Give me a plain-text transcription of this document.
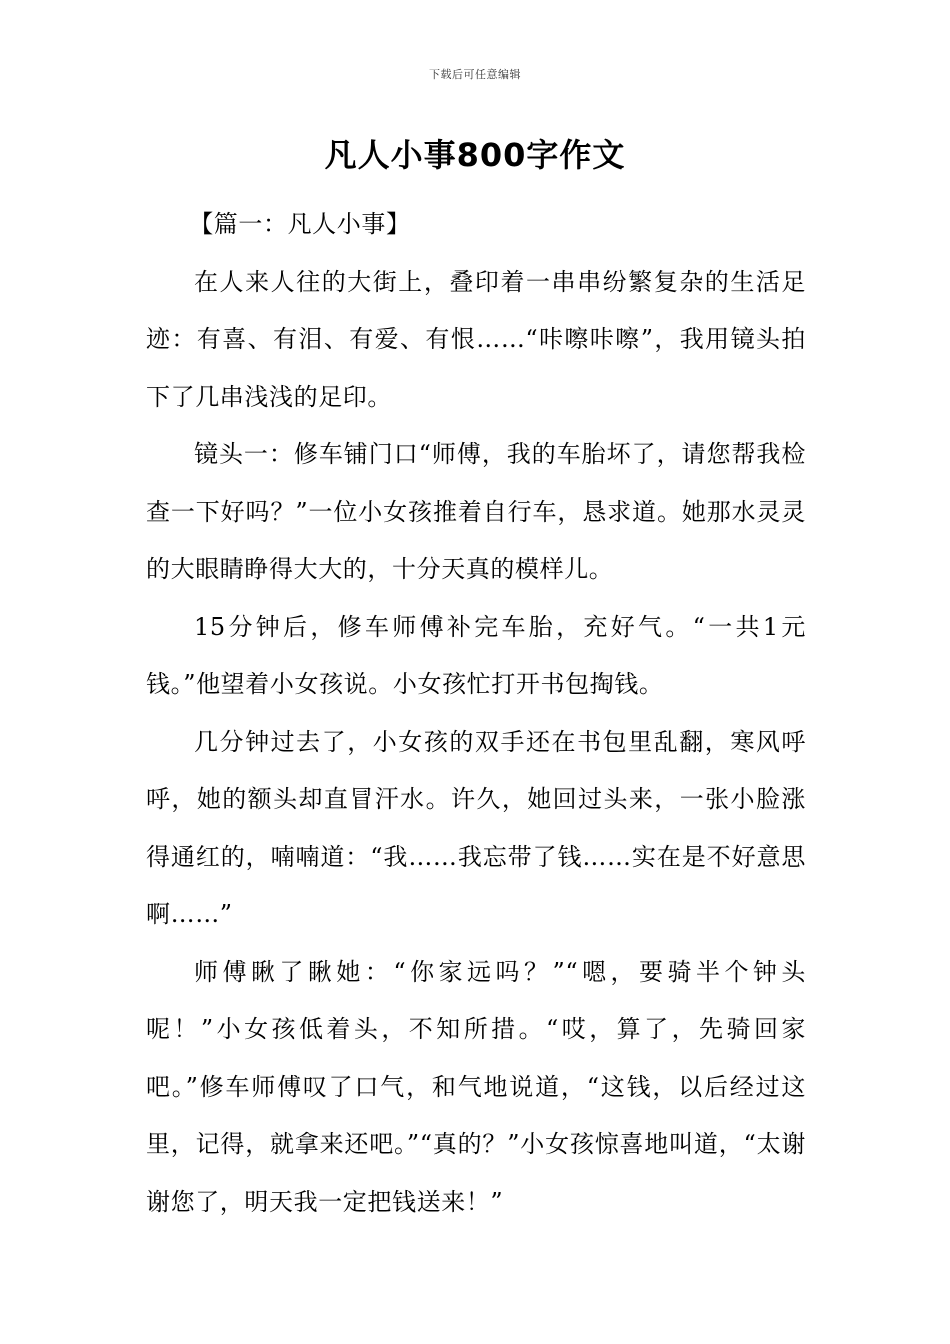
下载后可任意编辑
凡人小事800字作文

【篇一：凡人小事】

在人来人往的大街上，叠印着一串串纷繁复杂的生活足迹：有喜、有泪、有爱、有恨……“咔嚓咔嚓”，我用镜头拍下了几串浅浅的足印。

镜头一：修车铺门口“师傅，我的车胎坏了，请您帮我检查一下好吗？”一位小女孩推着自行车，恳求道。她那水灵灵的大眼睛睁得大大的，十分天真的模样儿。

15分钟后，修车师傅补完车胎，充好气。“一共1元钱。”他望着小女孩说。小女孩忙打开书包掏钱。

几分钟过去了，小女孩的双手还在书包里乱翻，寒风呼呼，她的额头却直冒汗水。许久，她回过头来，一张小脸涨得通红的，喃喃道：“我……我忘带了钱……实在是不好意思啊……”

师傅瞅了瞅她：“你家远吗？”“嗯，要骑半个钟头呢！”小女孩低着头，不知所措。“哎，算了，先骑回家吧。”修车师傅叹了口气，和气地说道，“这钱，以后经过这里，记得，就拿来还吧。”“真的？”小女孩惊喜地叫道，“太谢谢您了，明天我一定把钱送来！”
